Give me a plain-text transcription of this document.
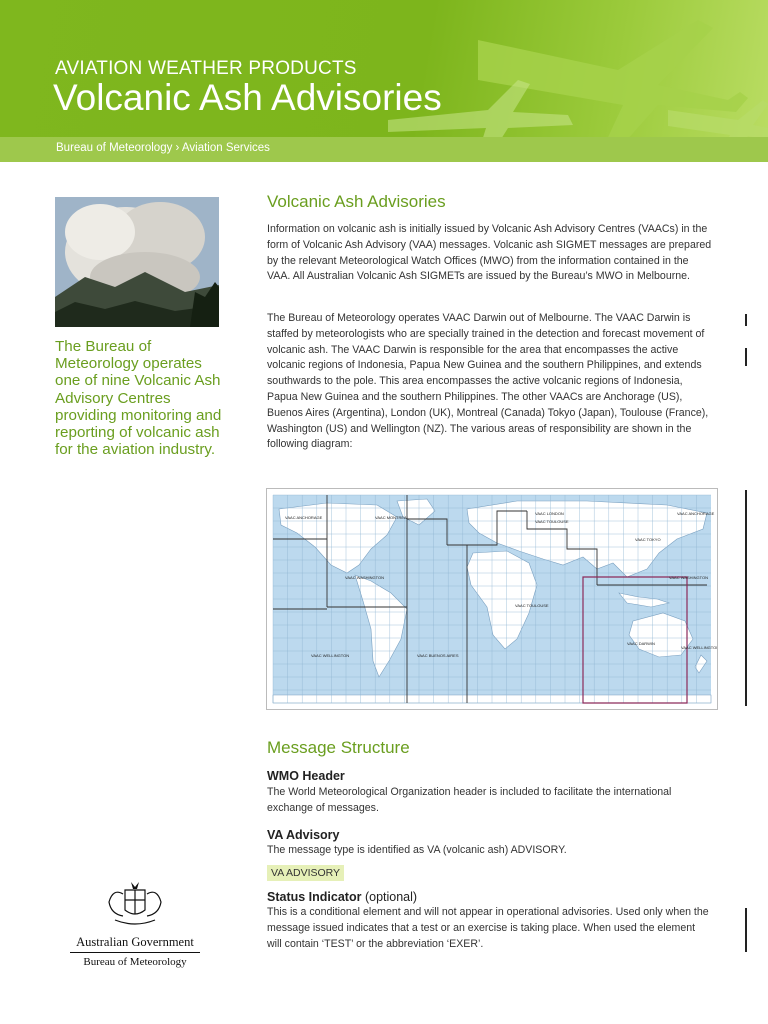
AVIATION WEATHER PRODUCTS
Volcanic Ash Advisories
Bureau of Meteorology › Aviation Services
The Bureau of Meteorology operates one of nine Volcanic Ash Advisory Centres providing monitoring and reporting of volcanic ash for the aviation industry.
Volcanic Ash Advisories

Information on volcanic ash is initially issued by Volcanic Ash Advisory Centres (VAACs) in the form of Volcanic Ash Advisory (VAA) messages. Volcanic ash SIGMET messages are prepared by the relevant Meteorological Watch Offices (MWO) from the information contained in the VAA. All Australian Volcanic Ash SIGMETs are issued by the Bureau’s MWO in Melbourne.

The Bureau of Meteorology operates VAAC Darwin out of Melbourne. The VAAC Darwin is staffed by meteorologists who are specially trained in the detection and forecast movement of volcanic ash. The VAAC Darwin is responsible for the area that encompasses the active volcanic regions of Indonesia, Papua New Guinea and the southern Philippines, and extends southwards to the pole. This area encompasses the active volcanic regions of Indonesia, Papua New Guinea and the southern Philippines. The other VAACs are Anchorage (US), Buenos Aires (Argentina), London (UK), Montreal (Canada) Tokyo (Japan), Toulouse (France), Washington (US) and Wellington (NZ). The various areas of responsibility are shown in the following diagram:

VAAC ANCHORAGE	VAAC MONTREAL
VAAC LONDON
VAAC TOULOUSE
VAAC TOKYO
VAAC ANCHORAGE
VAAC WASHINGTON	VAAC WASHINGTON
VAAC TOULOUSE
VAAC DARWIN
VAAC WELLINGTON	VAAC BUENOS AIRES
VAAC WELLINGTON
Message Structure
WMO Header

The World Meteorological Organization header is included to facilitate the international exchange of messages.

VA Advisory

The message type is identified as VA (volcanic ash) ADVISORY.

VA ADVISORY
Status Indicator (optional)

This is a conditional element and will not appear in operational advisories. Used only when the message issued indicates that a test or an exercise is taking place. When used the element will contain ‘TEST’ or the abbreviation ‘EXER’.

Australian Government
Bureau of Meteorology
